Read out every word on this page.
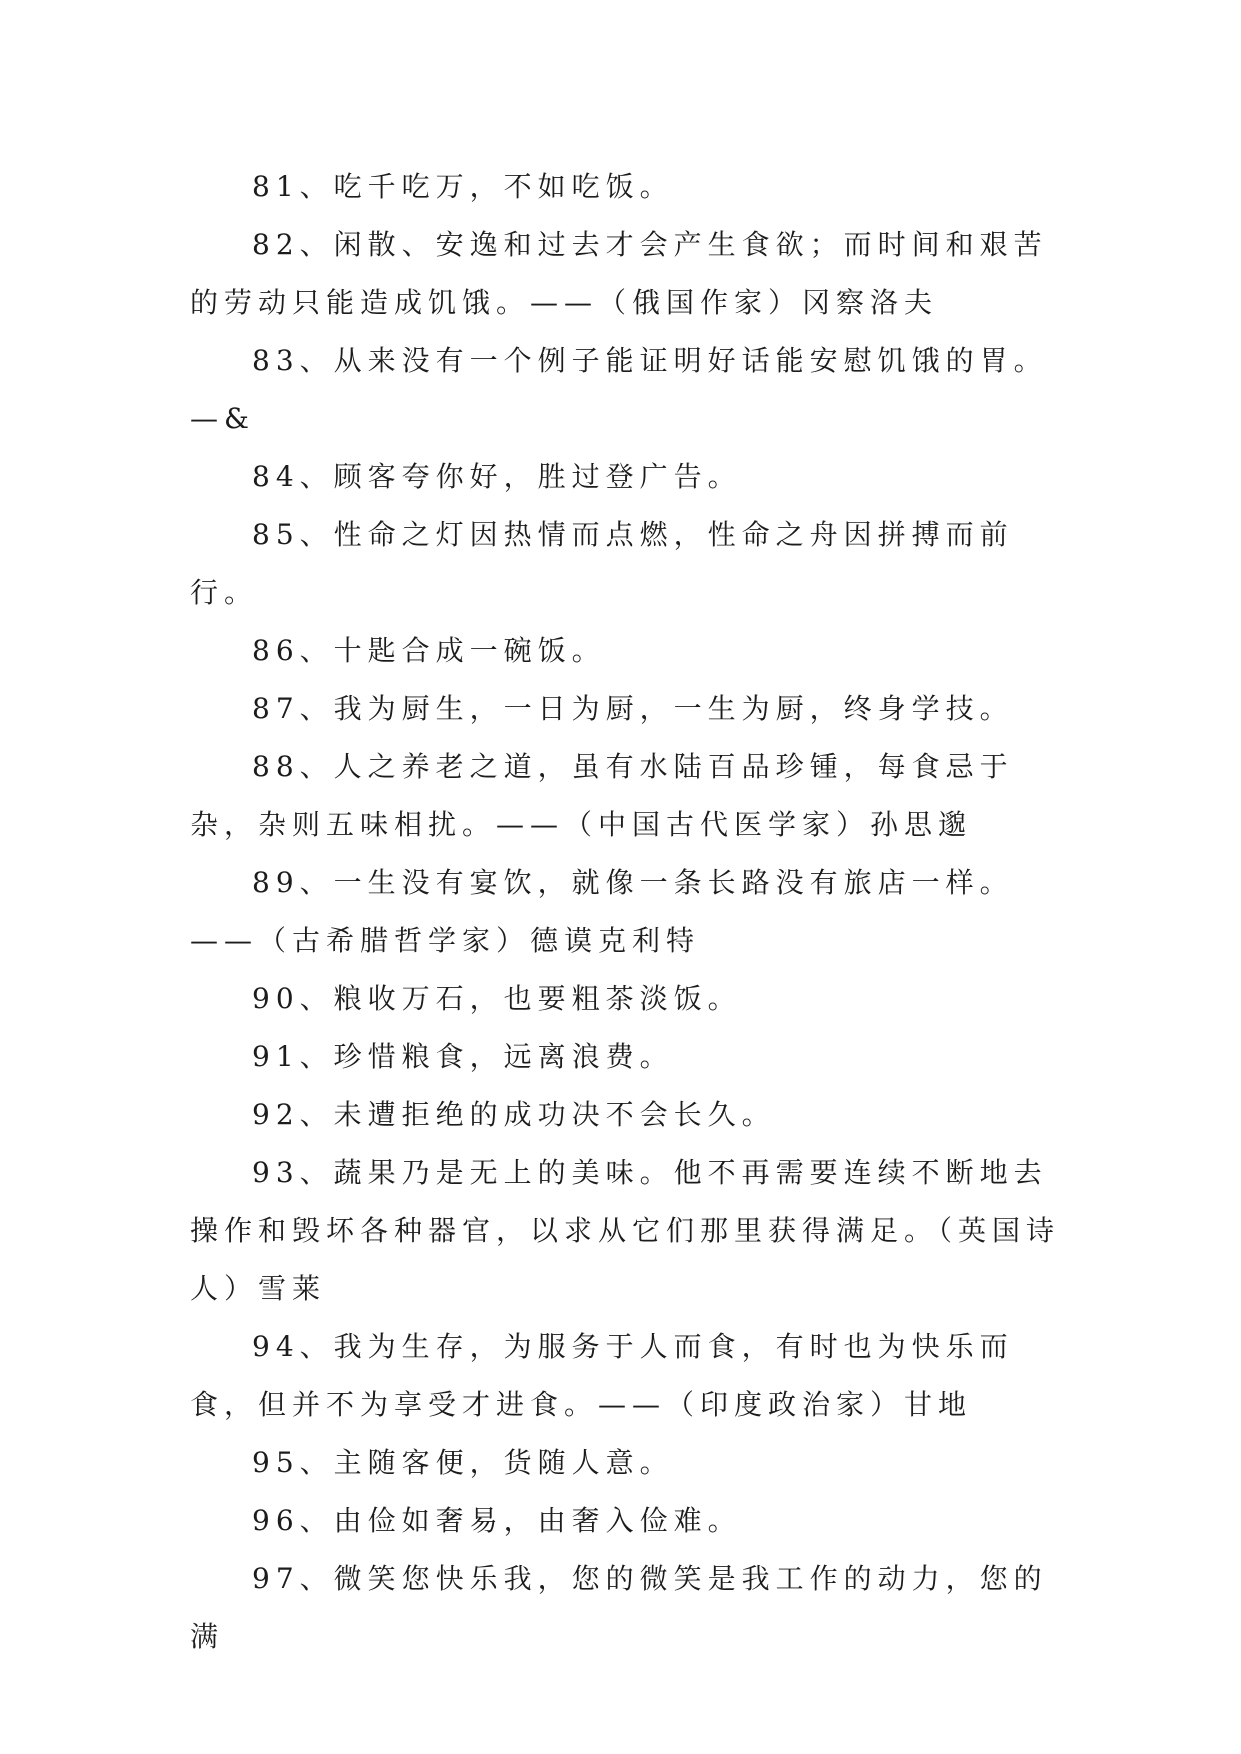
81、吃千吃万，不如吃饭。

82、闲散、安逸和过去才会产生食欲；而时间和艰苦的劳动只能造成饥饿。——（俄国作家）冈察洛夫

83、从来没有一个例子能证明好话能安慰饥饿的胃。—&

84、顾客夸你好，胜过登广告。

85、性命之灯因热情而点燃，性命之舟因拼搏而前行。

86、十匙合成一碗饭。

87、我为厨生，一日为厨，一生为厨，终身学技。

88、人之养老之道，虽有水陆百品珍锺，每食忌于杂，杂则五味相扰。——（中国古代医学家）孙思邈

89、一生没有宴饮，就像一条长路没有旅店一样。——（古希腊哲学家）德谟克利特

90、粮收万石，也要粗茶淡饭。

91、珍惜粮食，远离浪费。

92、未遭拒绝的成功决不会长久。

93、蔬果乃是无上的美味。他不再需要连续不断地去操作和毁坏各种器官，以求从它们那里获得满足。（英国诗人）雪莱

94、我为生存，为服务于人而食，有时也为快乐而食，但并不为享受才进食。——（印度政治家）甘地

95、主随客便，货随人意。

96、由俭如奢易，由奢入俭难。

97、微笑您快乐我，您的微笑是我工作的动力，您的满
